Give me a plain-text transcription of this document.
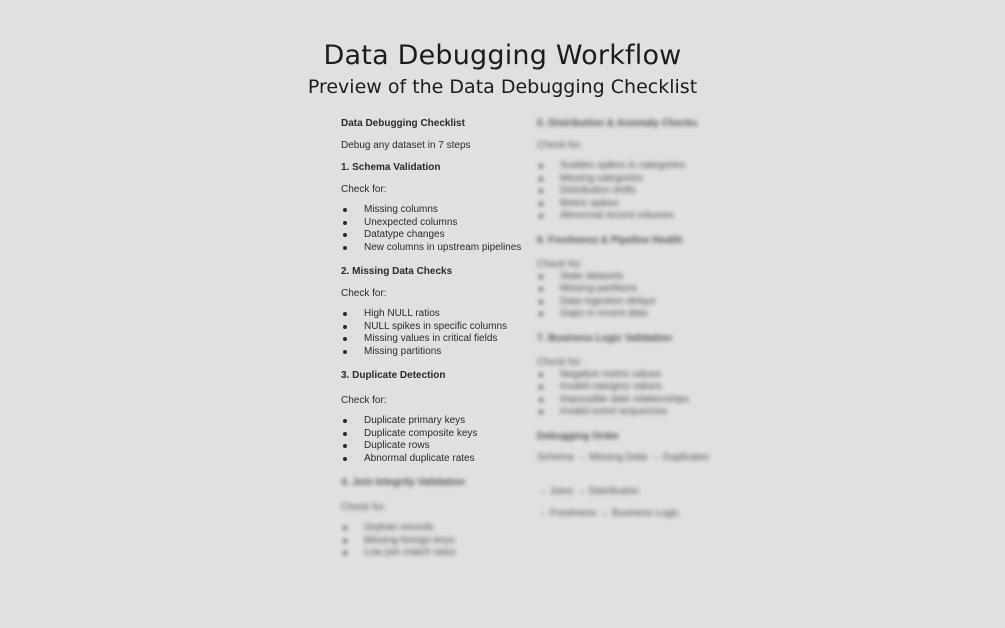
Data Debugging Workflow
Preview of the Data Debugging Checklist
Data Debugging Checklist
Debug any dataset in 7 steps
1. Schema Validation
Check for:
Missing columns
Unexpected columns
Datatype changes
New columns in upstream pipelines
2. Missing Data Checks
Check for:
High NULL ratios
NULL spikes in specific columns
Missing values in critical fields
Missing partitions
3. Duplicate Detection
Check for:
Duplicate primary keys
Duplicate composite keys
Duplicate rows
Abnormal duplicate rates
4. Join Integrity Validation
Check for:
Orphan records
Missing foreign keys
Low join match rates
5. Distribution & Anomaly Checks
Check for:
Sudden spikes in categories
Missing categories
Distribution shifts
Metric spikes
Abnormal record volumes
6. Freshness & Pipeline Health
Check for:
Stale datasets
Missing partitions
Data ingestion delays
Gaps in recent data
7. Business Logic Validation
Check for:
Negative metric values
Invalid category values
Impossible date relationships
Invalid event sequences
Debugging Order
Schema → Missing Data → Duplicates
→ Joins → Distribution
→ Freshness → Business Logic
